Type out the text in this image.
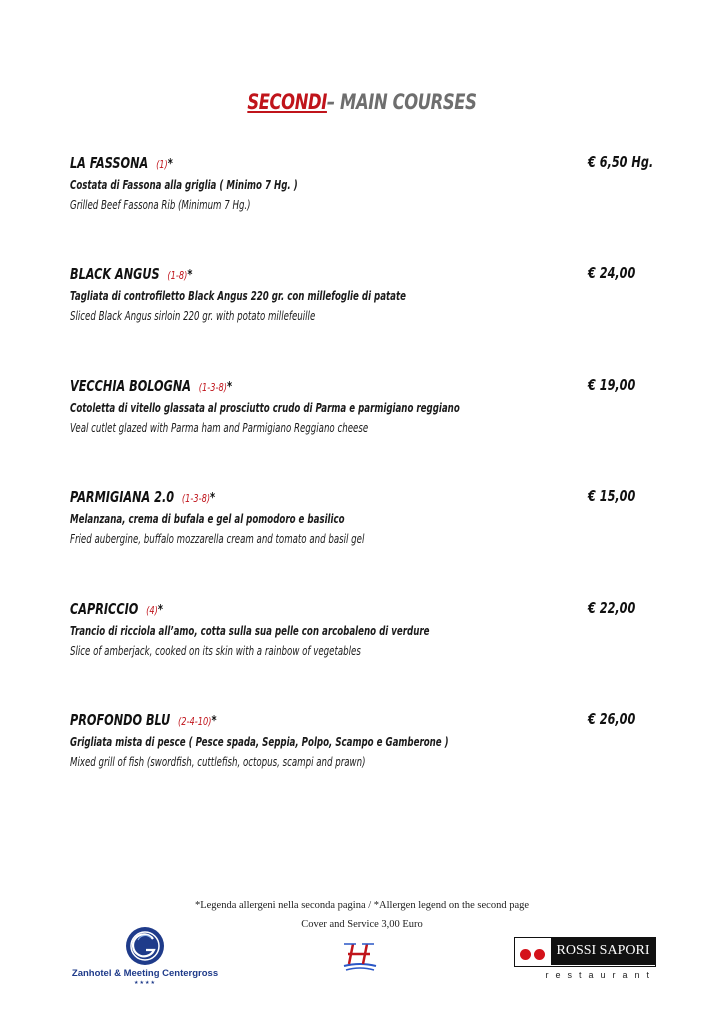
SECONDI– MAIN COURSES
LA FASSONA (1)*	€ 6,50 Hg.
Costata di Fassona alla griglia ( Minimo 7 Hg. )
Grilled Beef Fassona Rib (Minimum 7 Hg.)
BLACK ANGUS (1-8)*	€ 24,00
Tagliata di controfiletto Black Angus 220 gr. con millefoglie di patate
Sliced Black Angus sirloin 220 gr. with potato millefeuille
VECCHIA BOLOGNA (1-3-8)*	€ 19,00
Cotoletta di vitello glassata al prosciutto crudo di Parma e parmigiano reggiano
Veal cutlet glazed with Parma ham and Parmigiano Reggiano cheese
PARMIGIANA 2.0 (1-3-8)*	€ 15,00
Melanzana, crema di bufala e gel al pomodoro e basilico
Fried aubergine, buffalo mozzarella cream and tomato and basil gel
CAPRICCIO (4)*	€ 22,00
Trancio di ricciola all’amo, cotta sulla sua pelle con arcobaleno di verdure
Slice of amberjack, cooked on its skin with a rainbow of vegetables
PROFONDO BLU (2-4-10)*	€ 26,00
Grigliata mista di pesce ( Pesce spada, Seppia, Polpo, Scampo e Gamberone )
Mixed grill of fish (swordfish, cuttlefish, octopus, scampi and prawn)
*Legenda allergeni nella seconda pagina / *Allergen legend on the second page
Cover and Service 3,00 Euro
Zanhotel & Meeting Centergross
★★★★
ROSSI SAPORI
restaurant
